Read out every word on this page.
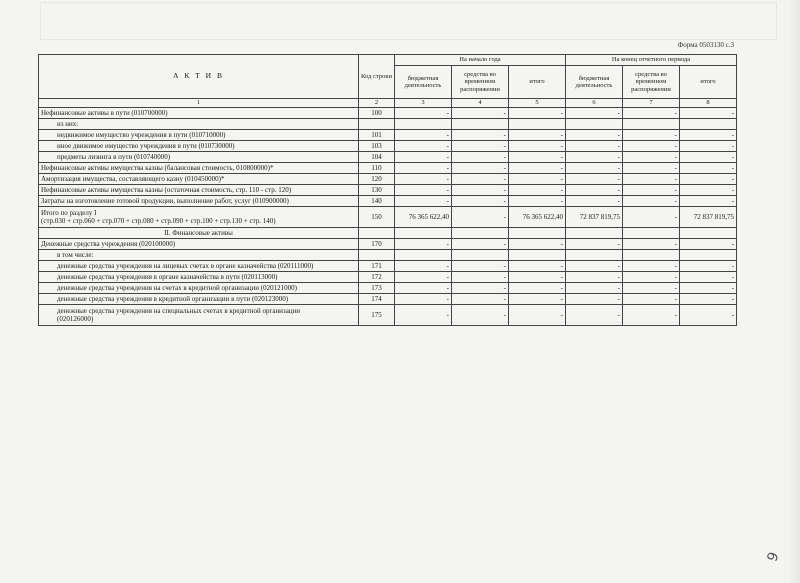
Форма 0503130 с.3
А К Т И В	Код строки	На начало года			На конец отчетного периода		
		бюджетная деятельность	средства во временном распоряжении	итого	бюджетная деятельность	средства во временном распоряжении	итого
1	2	3	4	5	6	7	8
Нефинансовые активы в пути (010700000)	100	-	-	-	-	-	-
из них:							
недвижимое имущество учреждения в пути (010710000)	101	-	-	-	-	-	-
иное движимое имущество учреждения в пути (010730000)	103	-	-	-	-	-	-
предметы лизинга в пути (010740000)	104	-	-	-	-	-	-
Нефинансовые активы имущества казны (балансовая стоимость, 010800000)*	110	-	-	-	-	-	-
Амортизация имущества, составляющего казну (010450000)*	120	-	-	-	-	-	-
Нефинансовые активы имущества казны (остаточная стоимость, стр. 110 - стр. 120)	130	-	-	-	-	-	-
Затраты на изготовление готовой продукции, выполнение работ, услуг (010900000)	140	-	-	-	-	-	-

Итого по разделу I
(стр.030 + стр.060 + стр.070 + стр.080 + стр.090 + стр.100 + стр.130 + стр. 140)	150	76 365 622,40	-	76 365 622,40	72 837 819,75	-	72 837 819,75
II. Финансовые активы							
Денежные средства учреждения (020100000)	170	-	-	-	-	-	-
в том числе:							
денежные средства учреждения на лицевых счетах в органе казначейства (020111000)	171	-	-	-	-	-	-
денежные средства учреждения в органе казначейства в пути (020113000)	172	-	-	-	-	-	-
денежные средства учреждения на счетах в кредитной организации (020121000)	173	-	-	-	-	-	-
денежные средства учреждения в кредитной организации в пути (020123000)	174	-	-	-	-	-	-

денежные средства учреждения на специальных счетах в кредитной организации
(020126000)	175	-	-	-	-	-	-
9
